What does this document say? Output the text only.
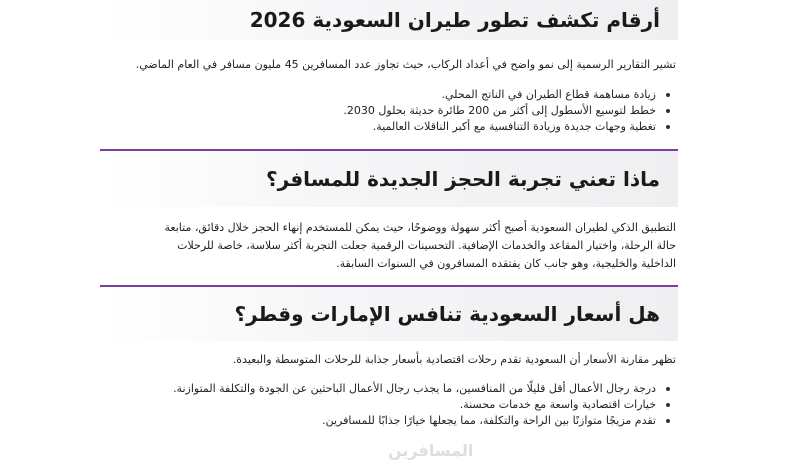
أرقام تكشف تطور طيران السعودية 2026

تشير التقارير الرسمية إلى نمو واضح في أعداد الركاب، حيث تجاوز عدد المسافرين 45 مليون مسافر في العام الماضي.

زيادة مساهمة قطاع الطيران في الناتج المحلي.
خطط لتوسيع الأسطول إلى أكثر من 200 طائرة حديثة بحلول 2030.
تغطية وجهات جديدة وزيادة التنافسية مع أكبر الناقلات العالمية.
ماذا تعني تجربة الحجز الجديدة للمسافر؟

التطبيق الذكي لطيران السعودية أصبح أكثر سهولة ووضوحًا، حيث يمكن للمستخدم إنهاء الحجز خلال دقائق، متابعة

حالة الرحلة، واختيار المقاعد والخدمات الإضافية. التحسينات الرقمية جعلت التجربة أكثر سلاسة، خاصة للرحلات

الداخلية والخليجية، وهو جانب كان يفتقده المسافرون في السنوات السابقة.

هل أسعار السعودية تنافس الإمارات وقطر؟

تظهر مقارنة الأسعار أن السعودية تقدم رحلات اقتصادية بأسعار جذابة للرحلات المتوسطة والبعيدة.

درجة رجال الأعمال أقل قليلًا من المنافسين، ما يجذب رجال الأعمال الباحثين عن الجودة والتكلفة المتوازنة.
خيارات اقتصادية واسعة مع خدمات محسنة.
تقدم مزيجًا متوازنًا بين الراحة والتكلفة، مما يجعلها خيارًا جذابًا للمسافرين.
المسافرين
